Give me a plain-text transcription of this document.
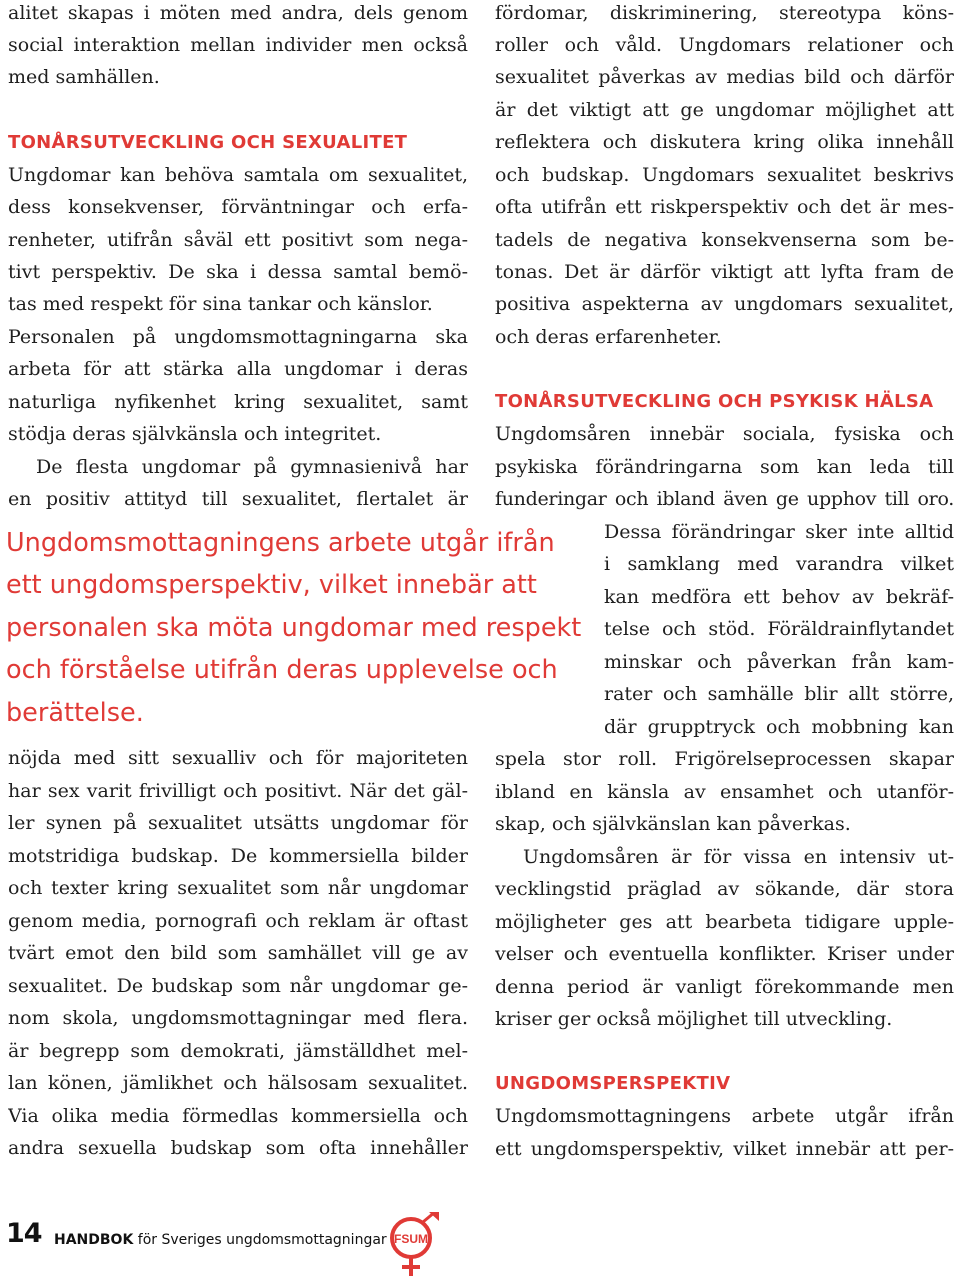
alitet skapas i möten med andra, dels genom
social interaktion mellan individer men också
med samhällen.
TONÅRSUTVECKLING OCH SEXUALITET
Ungdomar kan behöva samtala om sexualitet,
dess konsekvenser, förväntningar och erfa-
renheter, utifrån såväl ett positivt som nega-
tivt perspektiv. De ska i dessa samtal bemö-
tas med respekt för sina tankar och känslor.
Personalen på ungdomsmottagningarna ska
arbeta för att stärka alla ungdomar i deras
naturliga nyfikenhet kring sexualitet, samt
stödja deras självkänsla och integritet.
De flesta ungdomar på gymnasienivå har
en positiv attityd till sexualitet, flertalet är
Ungdomsmottagningens arbete utgår ifrån
ett ungdomsperspektiv, vilket innebär att
personalen ska möta ungdomar med respekt
och förståelse utifrån deras upplevelse och
berättelse.
nöjda med sitt sexualliv och för majoriteten
har sex varit frivilligt och positivt. När det gäl-
ler synen på sexualitet utsätts ungdomar för
motstridiga budskap. De kommersiella bilder
och texter kring sexualitet som når ungdomar
genom media, pornografi och reklam är oftast
tvärt emot den bild som samhället vill ge av
sexualitet. De budskap som når ungdomar ge-
nom skola, ungdomsmottagningar med flera.
är begrepp som demokrati, jämställdhet mel-
lan könen, jämlikhet och hälsosam sexualitet.
Via olika media förmedlas kommersiella och
andra sexuella budskap som ofta innehåller
fördomar, diskriminering, stereotypa köns-
roller och våld. Ungdomars relationer och
sexualitet påverkas av medias bild och därför
är det viktigt att ge ungdomar möjlighet att
reflektera och diskutera kring olika innehåll
och budskap. Ungdomars sexualitet beskrivs
ofta utifrån ett riskperspektiv och det är mes-
tadels de negativa konsekvenserna som be-
tonas. Det är därför viktigt att lyfta fram de
positiva aspekterna av ungdomars sexualitet,
och deras erfarenheter.
TONÅRSUTVECKLING OCH PSYKISK HÄLSA
Ungdomsåren innebär sociala, fysiska och
psykiska förändringarna som kan leda till
funderingar och ibland även ge upphov till oro.
Dessa förändringar sker inte alltid
i samklang med varandra vilket
kan medföra ett behov av bekräf-
telse och stöd. Föräldrainflytandet
minskar och påverkan från kam-
rater och samhälle blir allt större,
där grupptryck och mobbning kan
spela stor roll. Frigörelseprocessen skapar
ibland en känsla av ensamhet och utanför-
skap, och självkänslan kan påverkas.
Ungdomsåren är för vissa en intensiv ut-
vecklingstid präglad av sökande, där stora
möjligheter ges att bearbeta tidigare upple-
velser och eventuella konflikter. Kriser under
denna period är vanligt förekommande men
kriser ger också möjlighet till utveckling.
UNGDOMSPERSPEKTIV
Ungdomsmottagningens arbete utgår ifrån
ett ungdomsperspektiv, vilket innebär att per-
14 HANDBOK för Sveriges ungdomsmottagningar FSUM
